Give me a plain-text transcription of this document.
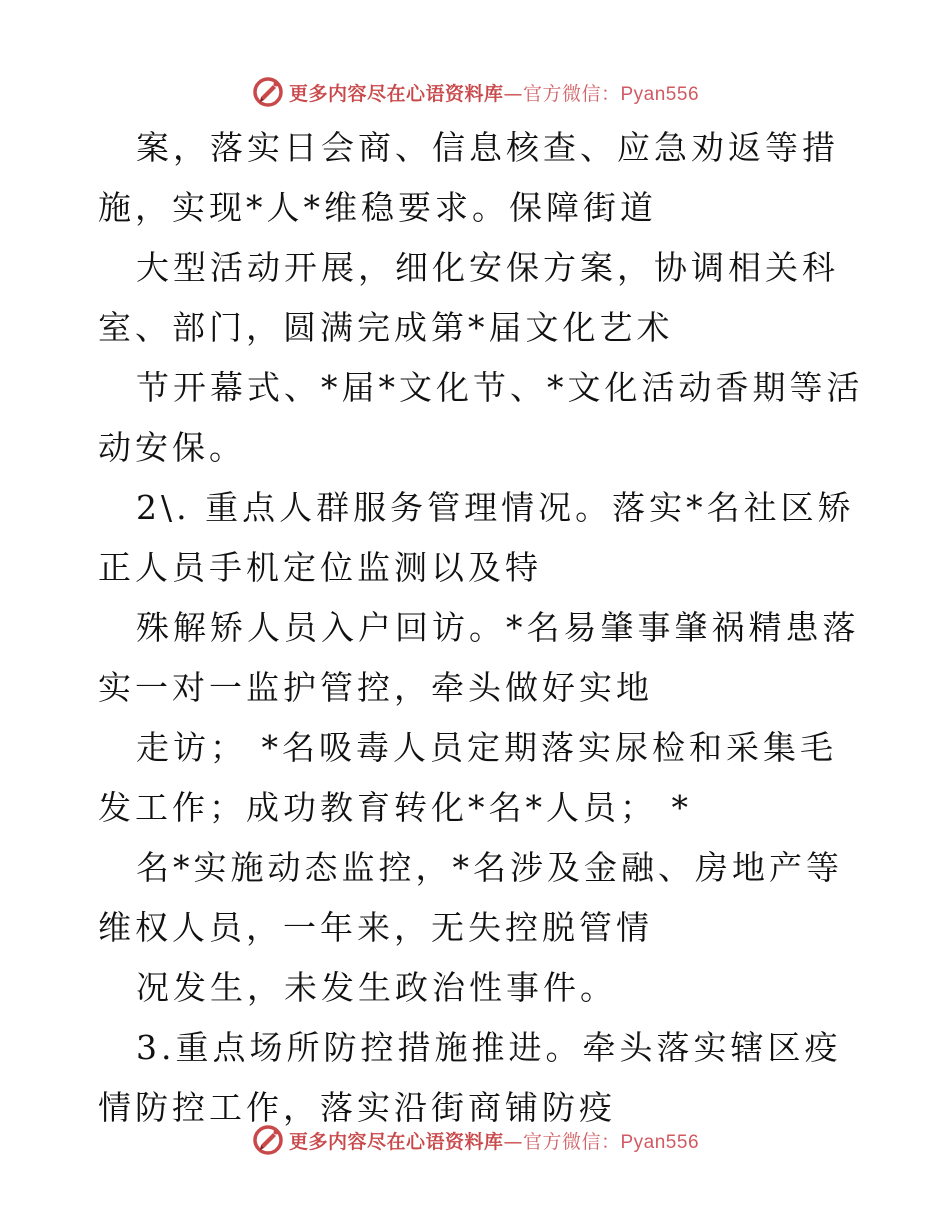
更多内容尽在心语资料库—官方微信：Pyan556

案，落实日会商、信息核查、应急劝返等措施，实现*人*维稳要求。保障街道

大型活动开展，细化安保方案，协调相关科室、部门，圆满完成第*届文化艺术

节开幕式、*届*文化节、*文化活动香期等活动安保。

2\. 重点人群服务管理情况。落实*名社区矫正人员手机定位监测以及特

殊解矫人员入户回访。*名易肇事肇祸精患落实一对一监护管控，牵头做好实地

走访； *名吸毒人员定期落实尿检和采集毛发工作；成功教育转化*名*人员； *

名*实施动态监控，*名涉及金融、房地产等维权人员，一年来，无失控脱管情

况发生，未发生政治性事件。

3.重点场所防控措施推进。牵头落实辖区疫情防控工作，落实沿街商铺防疫

更多内容尽在心语资料库—官方微信：Pyan556
